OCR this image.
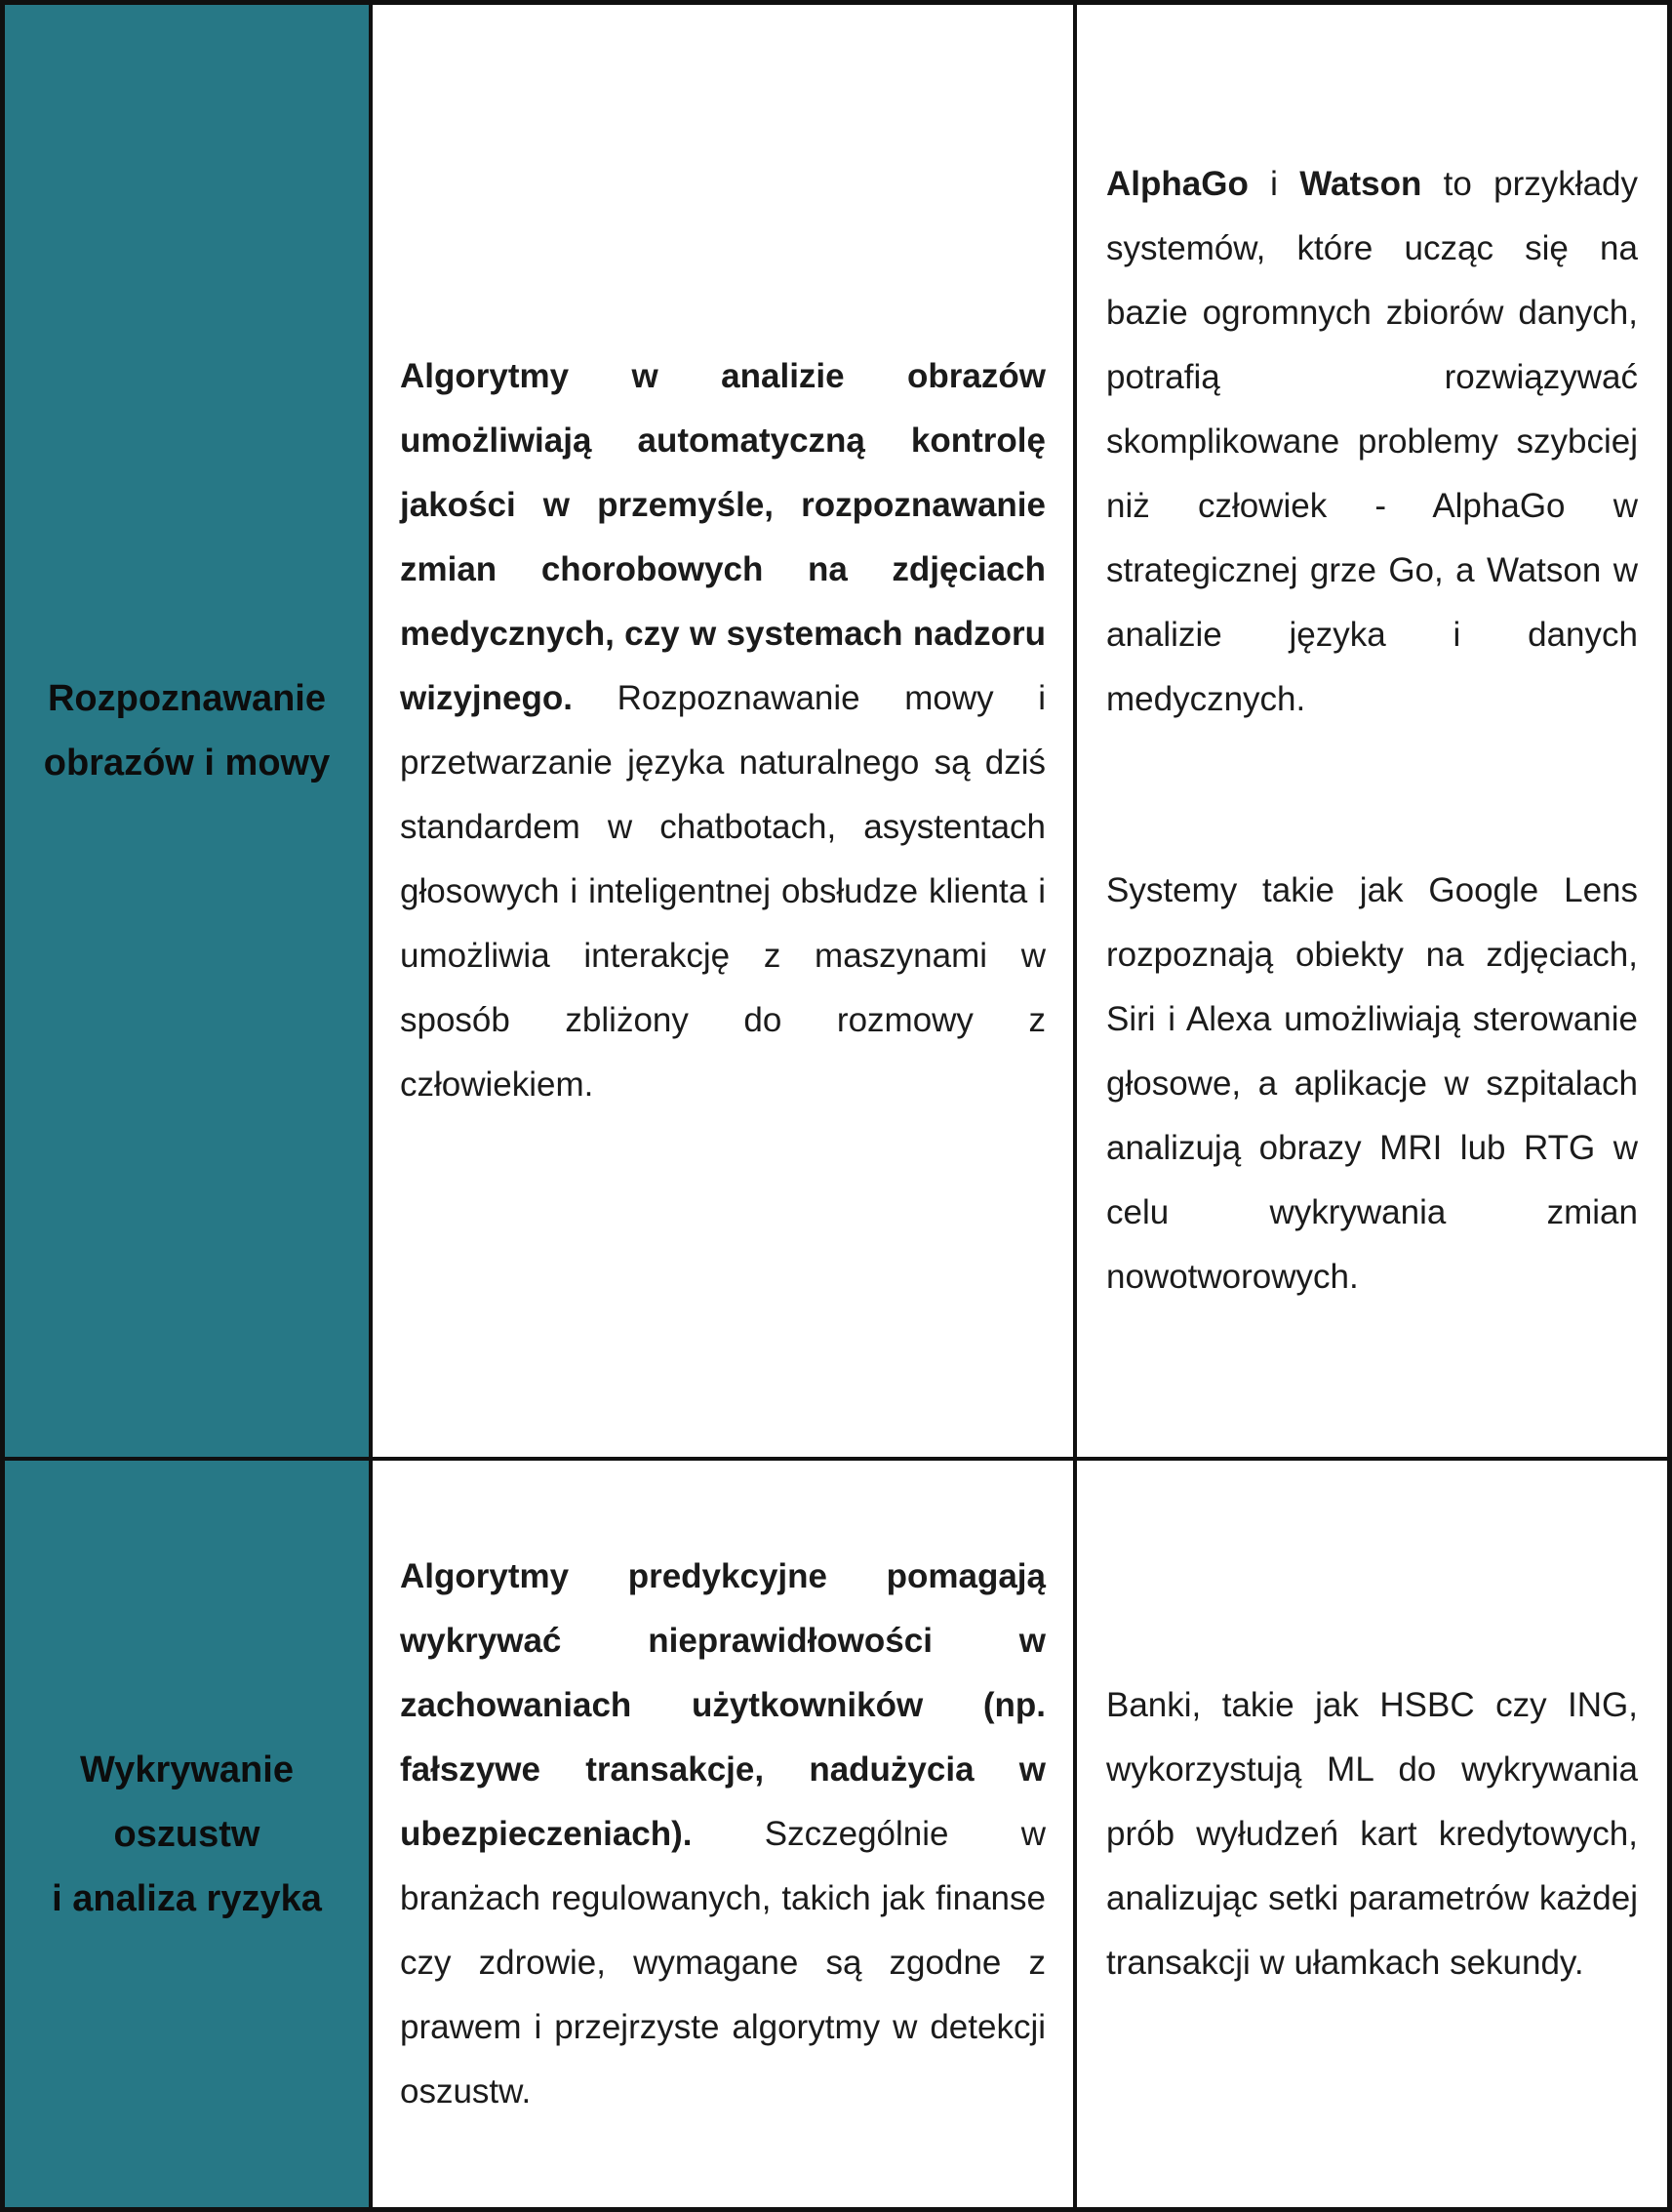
Rozpoznawanie
obrazów i mowy

Algorytmy w analizie obrazów umożliwiają automatyczną kontrolę jakości w przemyśle, rozpoznawanie zmian chorobowych na zdjęciach medycznych, czy w systemach nadzoru wizyjnego. Rozpoznawanie mowy i przetwarzanie języka naturalnego są dziś standardem w chatbotach, asystentach głosowych i inteligentnej obsłudze klienta i umożliwia interakcję z maszynami w sposób zbliżony do rozmowy z człowiekiem.

AlphaGo i Watson to przykłady systemów, które ucząc się na bazie ogromnych zbiorów danych, potrafią rozwiązywać skomplikowane problemy szybciej niż człowiek - AlphaGo w strategicznej grze Go, a Watson w analizie języka i danych medycznych.

Systemy takie jak Google Lens rozpoznają obiekty na zdjęciach, Siri i Alexa umożliwiają sterowanie głosowe, a aplikacje w szpitalach analizują obrazy MRI lub RTG w celu wykrywania zmian nowotworowych.

Wykrywanie
oszustw
i analiza ryzyka

Algorytmy predykcyjne pomagają wykrywać nieprawidłowości w zachowaniach użytkowników (np. fałszywe transakcje, nadużycia w ubezpieczeniach). Szczególnie w branżach regulowanych, takich jak finanse czy zdrowie, wymagane są zgodne z prawem i przejrzyste algorytmy w detekcji oszustw.

Banki, takie jak HSBC czy ING, wykorzystują ML do wykrywania prób wyłudzeń kart kredytowych, analizując setki parametrów każdej transakcji w ułamkach sekundy.
